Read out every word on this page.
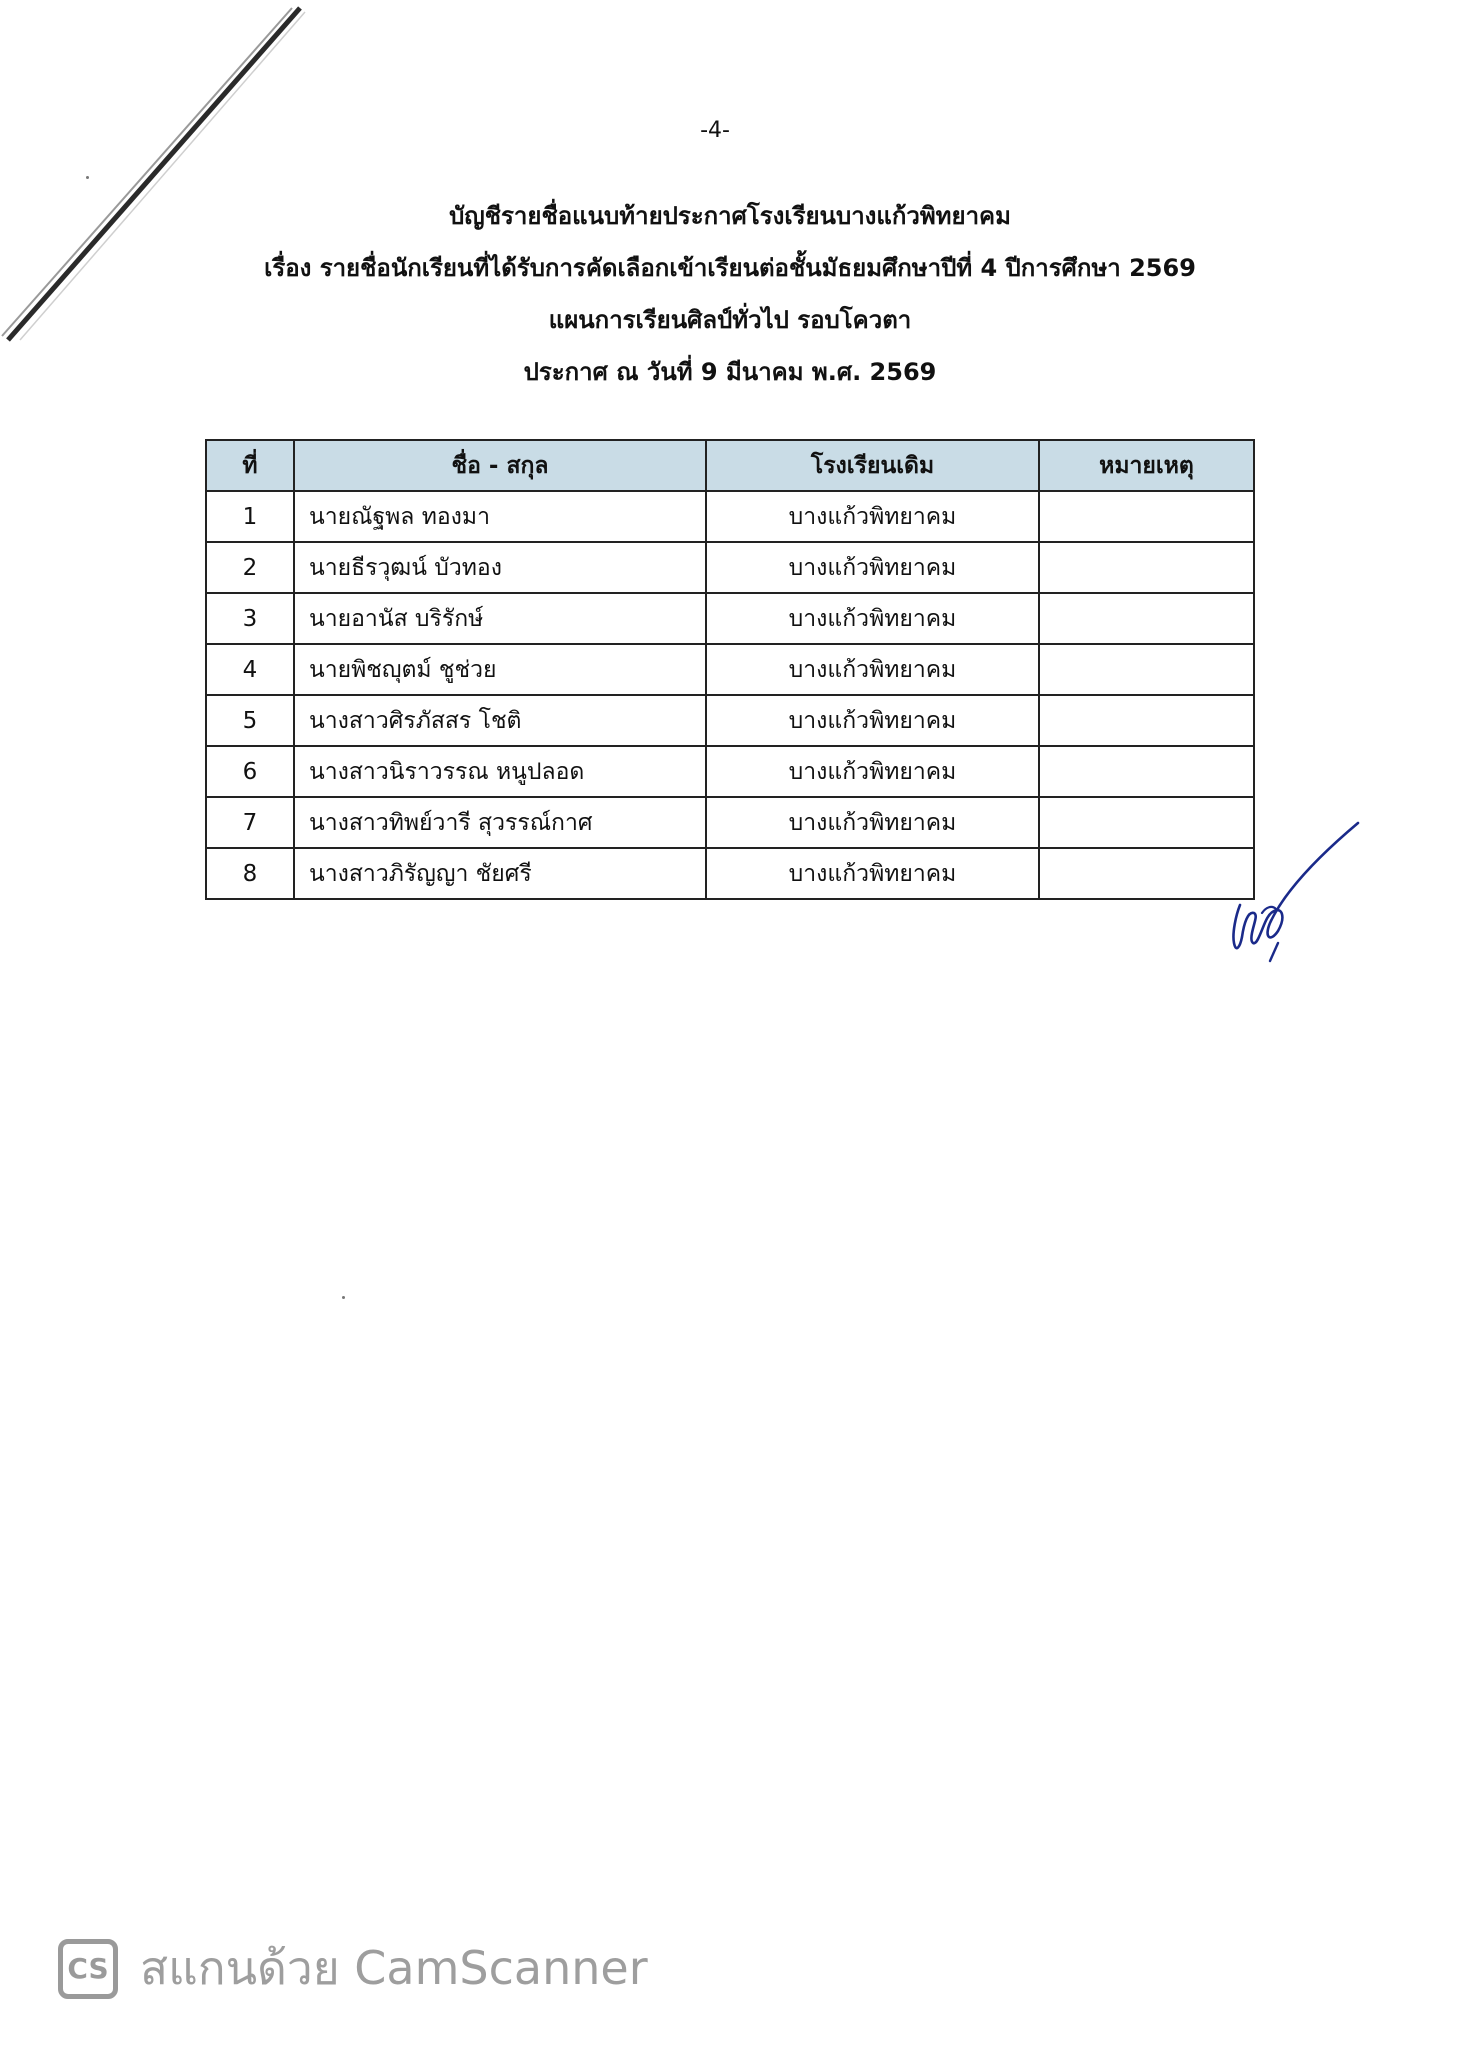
-4-
บัญชีรายชื่อแนบท้ายประกาศโรงเรียนบางแก้วพิทยาคม
เรื่อง รายชื่อนักเรียนที่ได้รับการคัดเลือกเข้าเรียนต่อชั้นมัธยมศึกษาปีที่ 4 ปีการศึกษา 2569
แผนการเรียนศิลป์ทั่วไป รอบโควตา
ประกาศ ณ วันที่ 9 มีนาคม พ.ศ. 2569
ที่	ชื่อ - สกุล	โรงเรียนเดิม	หมายเหตุ
1	นายณัฐพล ทองมา	บางแก้วพิทยาคม	
2	นายธีรวุฒน์ บัวทอง	บางแก้วพิทยาคม	
3	นายอานัส บริรักษ์	บางแก้วพิทยาคม	
4	นายพิชญุตม์ ชูช่วย	บางแก้วพิทยาคม	
5	นางสาวศิรภัสสร โชติ	บางแก้วพิทยาคม	
6	นางสาวนิราวรรณ หนูปลอด	บางแก้วพิทยาคม	
7	นางสาวทิพย์วารี สุวรรณ์กาศ	บางแก้วพิทยาคม	
8	นางสาวภิรัญญา ชัยศรี	บางแก้วพิทยาคม	
CS สแกนด้วย CamScanner
